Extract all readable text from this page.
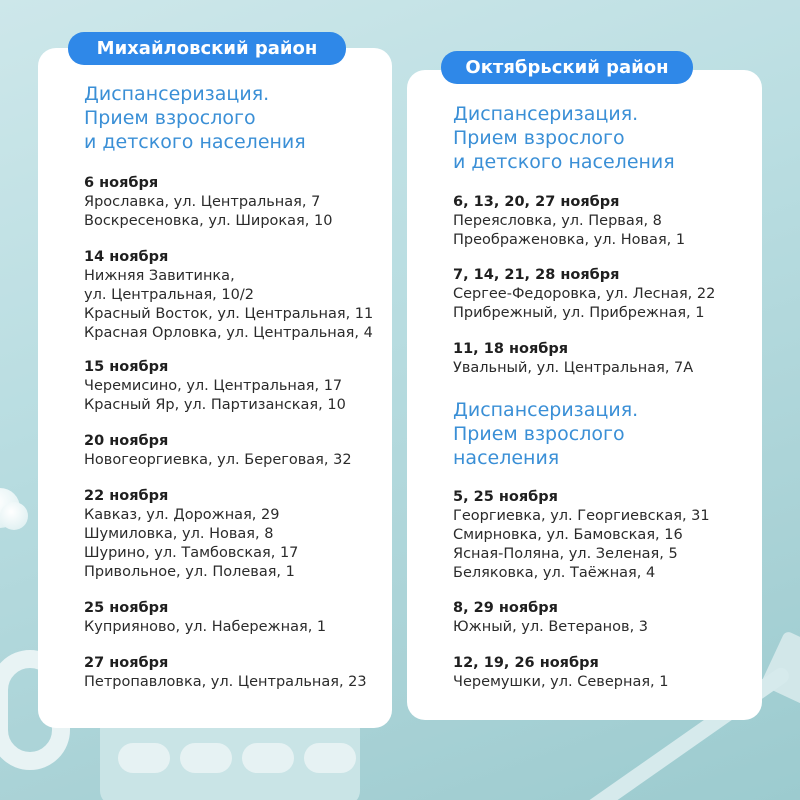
Михайловский район
Октябрьский район
Диспансеризация.
Прием взрослого
и детского населения
6 ноября
Ярославка, ул. Центральная, 7
Воскресеновка, ул. Широкая, 10
14 ноября
Нижняя Завитинка,
ул. Центральная, 10/2
Красный Восток, ул. Центральная, 11
Красная Орловка, ул. Центральная, 4
15 ноября
Черемисино, ул. Центральная, 17
Красный Яр, ул. Партизанская, 10
20 ноября
Новогеоргиевка, ул. Береговая, 32
22 ноября
Кавказ, ул. Дорожная, 29
Шумиловка, ул. Новая, 8
Шурино, ул. Тамбовская, 17
Привольное, ул. Полевая, 1
25 ноября
Куприяново, ул. Набережная, 1
27 ноября
Петропавловка, ул. Центральная, 23
Диспансеризация.
Прием взрослого
и детского населения
6, 13, 20, 27 ноября
Переясловка, ул. Первая, 8
Преображеновка, ул. Новая, 1
7, 14, 21, 28 ноября
Сергее-Федоровка, ул. Лесная, 22
Прибрежный, ул. Прибрежная, 1
11, 18 ноября
Увальный, ул. Центральная, 7А
Диспансеризация.
Прием взрослого
населения
5, 25 ноября
Георгиевка, ул. Георгиевская, 31
Смирновка, ул. Бамовская, 16
Ясная-Поляна, ул. Зеленая, 5
Беляковка, ул. Таёжная, 4
8, 29 ноября
Южный, ул. Ветеранов, 3
12, 19, 26 ноября
Черемушки, ул. Северная, 1
